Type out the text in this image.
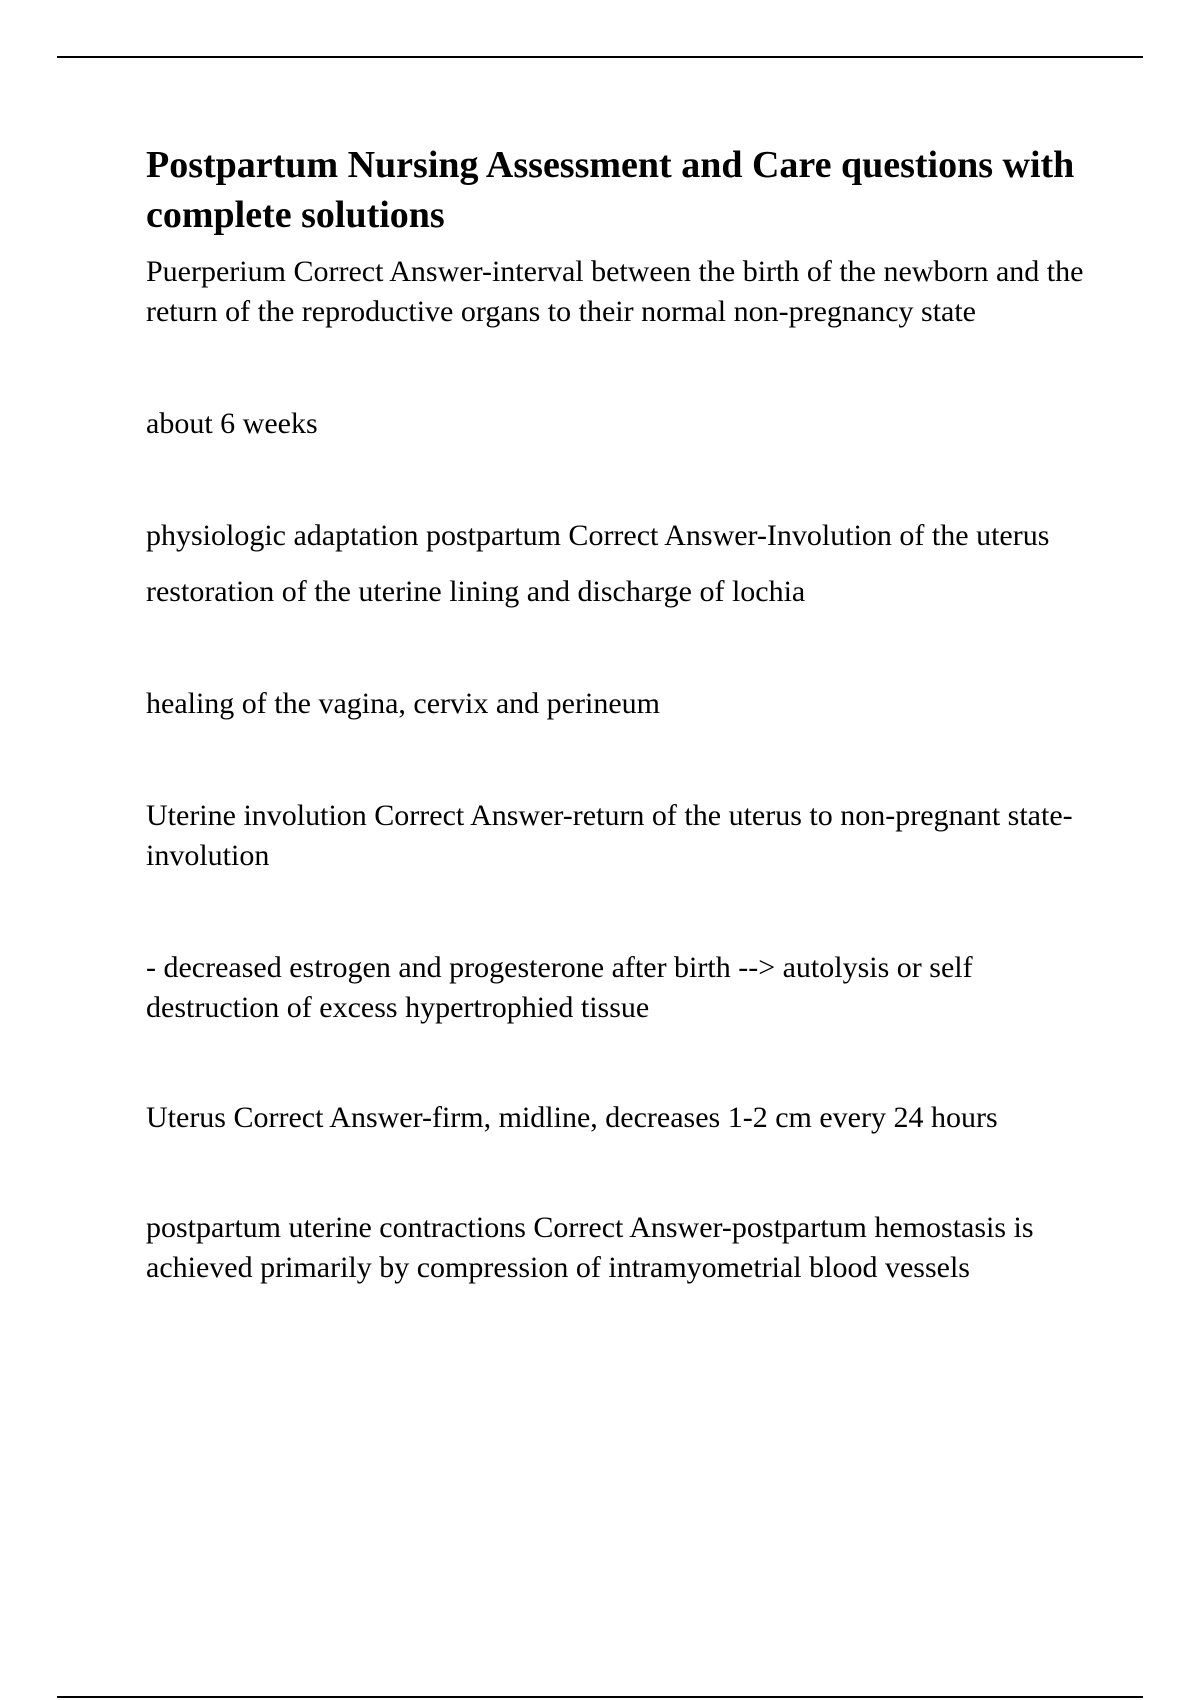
Postpartum Nursing Assessment and Care questions with complete solutions

Puerperium Correct Answer-interval between the birth of the newborn and the return of the reproductive organs to their normal non-pregnancy state

about 6 weeks

physiologic adaptation postpartum Correct Answer-Involution of the uterus

restoration of the uterine lining and discharge of lochia

healing of the vagina, cervix and perineum

Uterine involution Correct Answer-return of the uterus to non-pregnant state- involution

- decreased estrogen and progesterone after birth --> autolysis or self destruction of excess hypertrophied tissue

Uterus Correct Answer-firm, midline, decreases 1-2 cm every 24 hours

postpartum uterine contractions Correct Answer-postpartum hemostasis is achieved primarily by compression of intramyometrial blood vessels
